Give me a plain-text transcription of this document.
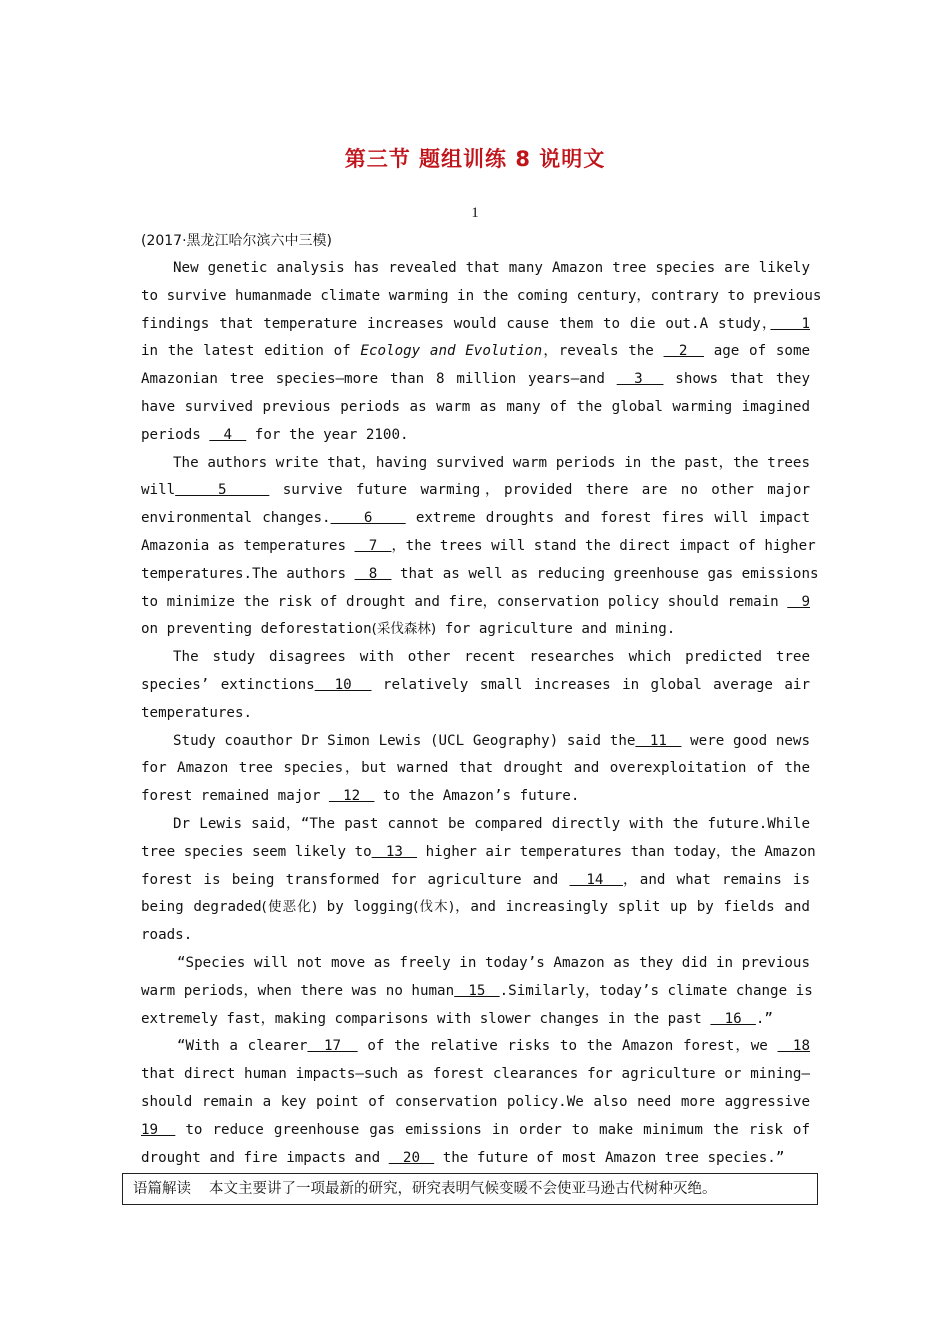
第三节 题组训练 8 说明文
1
(2017·黑龙江哈尔滨六中三模)
New genetic analysis has revealed that many Amazon tree species are likely
to survive humanmade climate warming in the coming century，contrary to previous
findings that temperature increases would cause them to die out.A study，　　1
in the latest edition of Ecology and Evolution，reveals the 　2　 age of some
Amazonian tree species—more than 8 million years—and 　3　 shows that they
have survived previous periods as warm as many of the global warming imagined
periods 　4　 for the year 2100.
The authors write that，having survived warm periods in the past，the trees
will　　5　　 survive future warming，provided there are no other major
environmental changes.　　6　　 extreme droughts and forest fires will impact
Amazonia as temperatures 　7　，the trees will stand the direct impact of higher
temperatures.The authors 　8　 that as well as reducing greenhouse gas emissions
to minimize the risk of drought and fire，conservation policy should remain 　9
on preventing deforestation(采伐森林) for agriculture and mining.
The study disagrees with other recent researches which predicted tree
species’ extinctions　10　 relatively small increases in global average air
temperatures.
Study coauthor Dr Simon Lewis (UCL Geography) said the　11　 were good news
for Amazon tree species，but warned that drought and overexploitation of the
forest remained major 　12　 to the Amazon’s future.
Dr Lewis said，“The past cannot be compared directly with the future.While
tree species seem likely to　13　 higher air temperatures than today，the Amazon
forest is being transformed for agriculture and 　14　，and what remains is
being degraded(使恶化) by logging(伐木)，and increasingly split up by fields and
roads.
“Species will not move as freely in today’s Amazon as they did in previous
warm periods，when there was no human　15　.Similarly，today’s climate change is
extremely fast，making comparisons with slower changes in the past 　16　.”
“With a clearer　17　 of the relative risks to the Amazon forest，we 　18
that direct human impacts—such as forest clearances for agriculture or mining—
should remain a key point of conservation policy.We also need more aggressive
19　 to reduce greenhouse gas emissions in order to make minimum the risk of
drought and fire impacts and 　20　 the future of most Amazon tree species.”
语篇解读 本文主要讲了一项最新的研究，研究表明气候变暖不会使亚马逊古代树种灭绝。
